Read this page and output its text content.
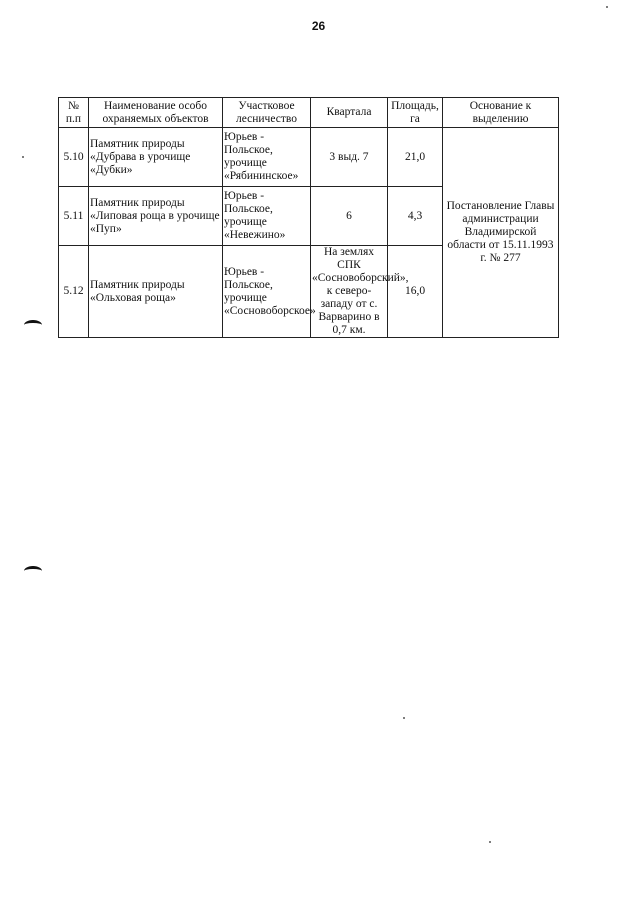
26
№ п.п	Наименование особо охраняемых объектов	Участковое лесничество	Квартала	Площадь, га	Основание к выделению
5.10	Памятник природы «Дубрава в урочище «Дубки»	Юрьев - Польское, урочище «Рябининское»	3 выд. 7	21,0	Постановление Главы администрации Владимирской области от 15.11.1993 г. № 277
5.11	Памятник природы «Липовая роща в урочище «Пуп»	Юрьев - Польское, урочище «Невежино»	6	4,3	
5.12	Памятник природы «Ольховая роща»	Юрьев - Польское, урочище «Сосновоборское»	На землях СПК «Сосновоборский», к северо-западу от с. Варварино в 0,7 км.	16,0	
